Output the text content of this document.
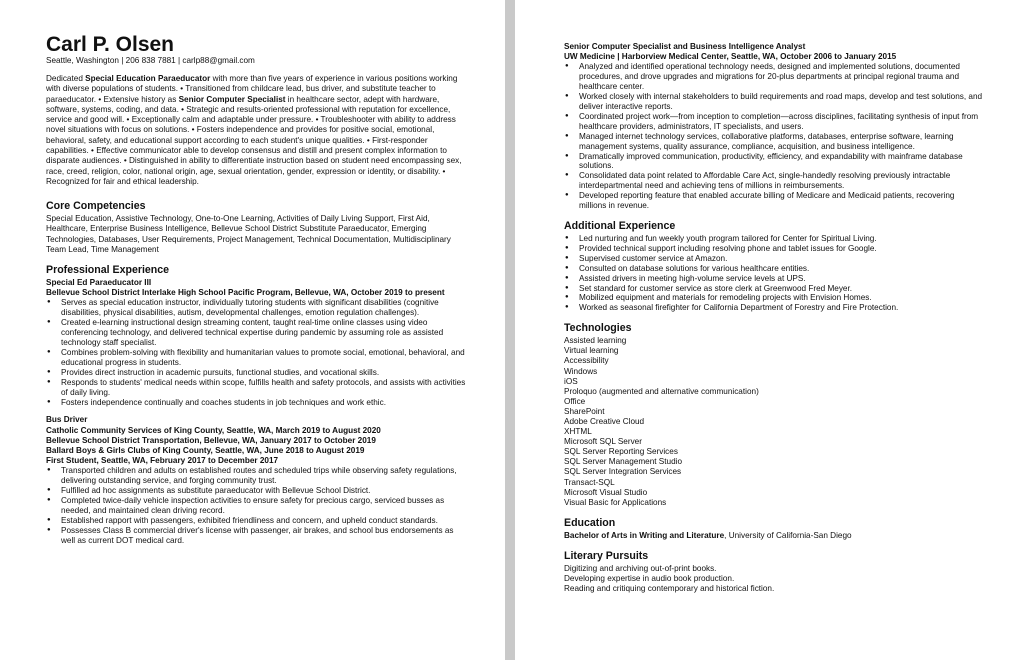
Carl P. Olsen
Seattle, Washington | 206 838 7881 | carlp88@gmail.com

Dedicated Special Education Paraeducator with more than five years of experience in various positions working with diverse populations of students. • Transitioned from childcare lead, bus driver, and substitute teacher to paraeducator. • Extensive history as Senior Computer Specialist in healthcare sector, adept with hardware, software, systems, coding, and data. • Strategic and results-oriented professional with reputation for excellence, service and good will. • Exceptionally calm and adaptable under pressure. • Troubleshooter with ability to address novel situations with focus on solutions. • Fosters independence and provides for positive social, emotional, behavioral, safety, and educational support according to each student's unique qualities. • First-responder capabilities. • Effective communicator able to develop consensus and distill and present complex information to disparate audiences. • Distinguished in ability to differentiate instruction based on student need encompassing sex, race, creed, religion, color, national origin, age, sexual orientation, gender, expression or identity, or disability. • Recognized for fair and ethical leadership.

Core Competencies
Special Education, Assistive Technology, One-to-One Learning, Activities of Daily Living Support, First Aid, Healthcare, Enterprise Business Intelligence, Bellevue School District Substitute Paraeducator, Emerging Technologies, Databases, User Requirements, Project Management, Technical Documentation, Multidisciplinary Team Lead, Time Management
Professional Experience
Special Ed Paraeducator III
Bellevue School District Interlake High School Pacific Program, Bellevue, WA, October 2019 to present
● Serves as special education instructor, individually tutoring students with significant disabilities (cognitive disabilities, physical disabilities, autism, developmental challenges, emotion regulation challenges).
● Created e-learning instructional design streaming content, taught real-time online classes using video conferencing technology, and delivered technical expertise during pandemic by assuming role as assisted technology staff specialist.
● Combines problem-solving with flexibility and humanitarian values to promote social, emotional, behavioral, and educational progress in students.
● Provides direct instruction in academic pursuits, functional studies, and vocational skills.
● Responds to students' medical needs within scope, fulfills health and safety protocols, and assists with activities of daily living.
● Fosters independence continually and coaches students in job techniques and work ethic.
Bus Driver
Catholic Community Services of King County, Seattle, WA, March 2019 to August 2020
Bellevue School District Transportation, Bellevue, WA, January 2017 to October 2019
Ballard Boys & Girls Clubs of King County, Seattle, WA, June 2018 to August 2019
First Student, Seattle, WA, February 2017 to December 2017
● Transported children and adults on established routes and scheduled trips while observing safety regulations, delivering outstanding service, and forging community trust.
● Fulfilled ad hoc assignments as substitute paraeducator with Bellevue School District.
● Completed twice-daily vehicle inspection activities to ensure safety for precious cargo, serviced busses as needed, and maintained clean driving record.
● Established rapport with passengers, exhibited friendliness and concern, and upheld conduct standards.
● Possesses Class B commercial driver's license with passenger, air brakes, and school bus endorsements as well as current DOT medical card.
Senior Computer Specialist and Business Intelligence Analyst
UW Medicine | Harborview Medical Center, Seattle, WA, October 2006 to January 2015
● Analyzed and identified operational technology needs, designed and implemented solutions, documented procedures, and drove upgrades and migrations for 20-plus departments at principal regional trauma and healthcare center.
● Worked closely with internal stakeholders to build requirements and road maps, develop and test solutions, and deliver interactive reports.
● Coordinated project work—from inception to completion—across disciplines, facilitating synthesis of input from healthcare providers, administrators, IT specialists, and users.
● Managed internet technology services, collaborative platforms, databases, enterprise software, learning management systems, quality assurance, compliance, acquisition, and business intelligence.
● Dramatically improved communication, productivity, efficiency, and expandability with mainframe database solutions.
● Consolidated data point related to Affordable Care Act, single-handedly resolving previously intractable interdepartmental need and achieving tens of millions in reimbursements.
● Developed reporting feature that enabled accurate billing of Medicare and Medicaid patients, recovering millions in revenue.
Additional Experience
● Led nurturing and fun weekly youth program tailored for Center for Spiritual Living.
● Provided technical support including resolving phone and tablet issues for Google.
● Supervised customer service at Amazon.
● Consulted on database solutions for various healthcare entities.
● Assisted drivers in meeting high-volume service levels at UPS.
● Set standard for customer service as store clerk at Greenwood Fred Meyer.
● Mobilized equipment and materials for remodeling projects with Envision Homes.
● Worked as seasonal firefighter for California Department of Forestry and Fire Protection.
Technologies
Assisted learning
Virtual learning
Accessibility
Windows
iOS
Proloquo (augmented and alternative communication)
Office
SharePoint
Adobe Creative Cloud
XHTML
Microsoft SQL Server
SQL Server Reporting Services
SQL Server Management Studio
SQL Server Integration Services
Transact-SQL
Microsoft Visual Studio
Visual Basic for Applications
Education
Bachelor of Arts in Writing and Literature, University of California-San Diego
Literary Pursuits
Digitizing and archiving out-of-print books.
Developing expertise in audio book production.
Reading and critiquing contemporary and historical fiction.
